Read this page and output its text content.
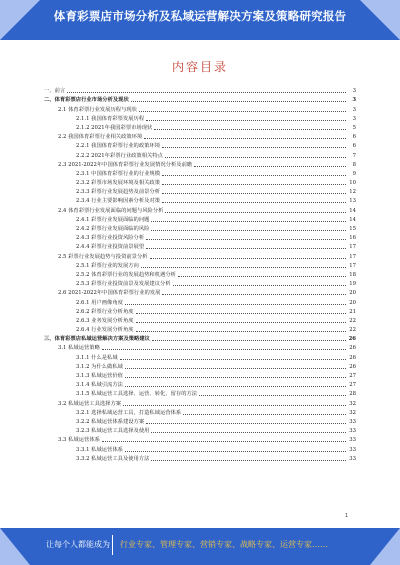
体育彩票店市场分析及私域运营解决方案及策略研究报告
内容目录
一、前言	3
二、体育彩票店行业市场分析及现状	3
2.1 体育彩票行业发展历程与现状	3
2.1.1 我国体育彩票发展历程	3
2.1.2 2021年我国彩票市场现状	5
2.2 我国体育彩票行业相关政策环境	6
2.2.1 我国体育彩票行业的政策环境	6
2.2.2 2021年彩票行业政策相关特点	7
2.3 2021-2022年中国体育彩票行业发展情况分析及前瞻	8
2.3.1 中国体育彩票行业的行业规模	9
2.3.2 彩票市场发展环境及相关政策	10
2.3.3 彩票行业发展趋势及前景分析	12
2.3.4 行业主要影响因素分析及对策	13
2.4 体育彩票行业发展面临的问题与风险分析	14
2.4.1 彩票行业发展面临的问题	14
2.4.2 彩票行业发展面临的风险	15
2.4.3 彩票行业投资风险分析	16
2.4.4 彩票行业投资前景展望	17
2.5 彩票行业发展趋势与投资前景分析	17
2.5.1 彩票行业的发展方向	17
2.5.2 体育彩票行业的发展趋势和机遇分析	18
2.5.3 彩票行业投资前景及发展建议分析	19
2.6 2021-2022年中国体育彩票行业的发展	20
2.6.1 用户画像角度	20
2.6.2 彩票行业分析角度	21
2.6.3 业务发展分析角度	22
2.6.4 行业发展分析角度	22
三、体育彩票店私域运营解决方案及策略建议	26
3.1 私域运营策略	26
3.1.1 什么是私域	26
3.1.2 为什么做私域	26
3.1.3 私域运营价值	27
3.1.4 私域引流方法	27
3.1.5 私域运营工具选择、运营、转化、留存的方法	28
3.2 私域运营工具选择方案	32
3.2.1 选择私域运营工具，打造私域运营体系	32
3.2.2 私域运营体系建设方案	33
3.2.3 私域运营工具选择及使用	33
3.3 私域运营体系	33
3.3.1 私域运营体系	33
3.3.2 私域运营工具及使用方法	33
1
让每个人都能成为 行业专家、管理专家、营销专家、战略专家、运营专家……
